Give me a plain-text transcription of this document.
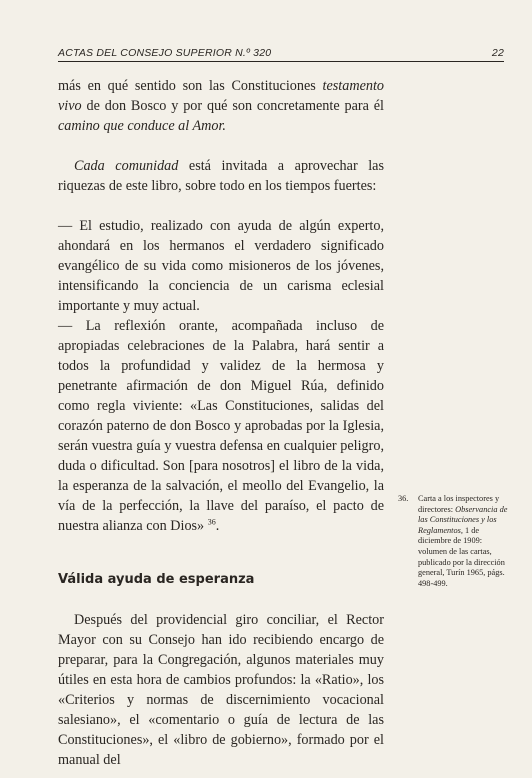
ACTAS DEL CONSEJO SUPERIOR N.º 320	22

más en qué sentido son las Constituciones testamento vivo de don Bosco y por qué son concretamente para él camino que conduce al Amor.

Cada comunidad está invitada a aprovechar las riquezas de este libro, sobre todo en los tiempos fuertes:

— El estudio, realizado con ayuda de algún experto, ahondará en los hermanos el verdadero significado evangélico de su vida como misioneros de los jóvenes, intensificando la conciencia de un carisma eclesial importante y muy actual.

— La reflexión orante, acompañada incluso de apropiadas celebraciones de la Palabra, hará sentir a todos la profundidad y validez de la hermosa y penetrante afirmación de don Miguel Rúa, definido como regla viviente: «Las Constituciones, salidas del corazón paterno de don Bosco y aprobadas por la Iglesia, serán vuestra guía y vuestra defensa en cualquier peligro, duda o dificultad. Son [para nosotros] el libro de la vida, la esperanza de la salvación, el meollo del Evangelio, la vía de la perfección, la llave del paraíso, el pacto de nuestra alianza con Dios» $^{36}$.

Válida ayuda de esperanza

Después del providencial giro conciliar, el Rector Mayor con su Consejo han ido recibiendo encargo de preparar, para la Congregación, algunos materiales muy útiles en esta hora de cambios profundos: la «Ratio», los «Criterios y normas de discernimiento vocacional salesiano», el «comentario o guía de lectura de las Constituciones», el «libro de gobierno», formado por el manual del

36. Carta a los inspectores y directores: Observancia de las Constituciones y los Reglamentos, 1 de diciembre de 1909: volumen de las cartas, publicado por la dirección general, Turín 1965, págs. 498-499.
